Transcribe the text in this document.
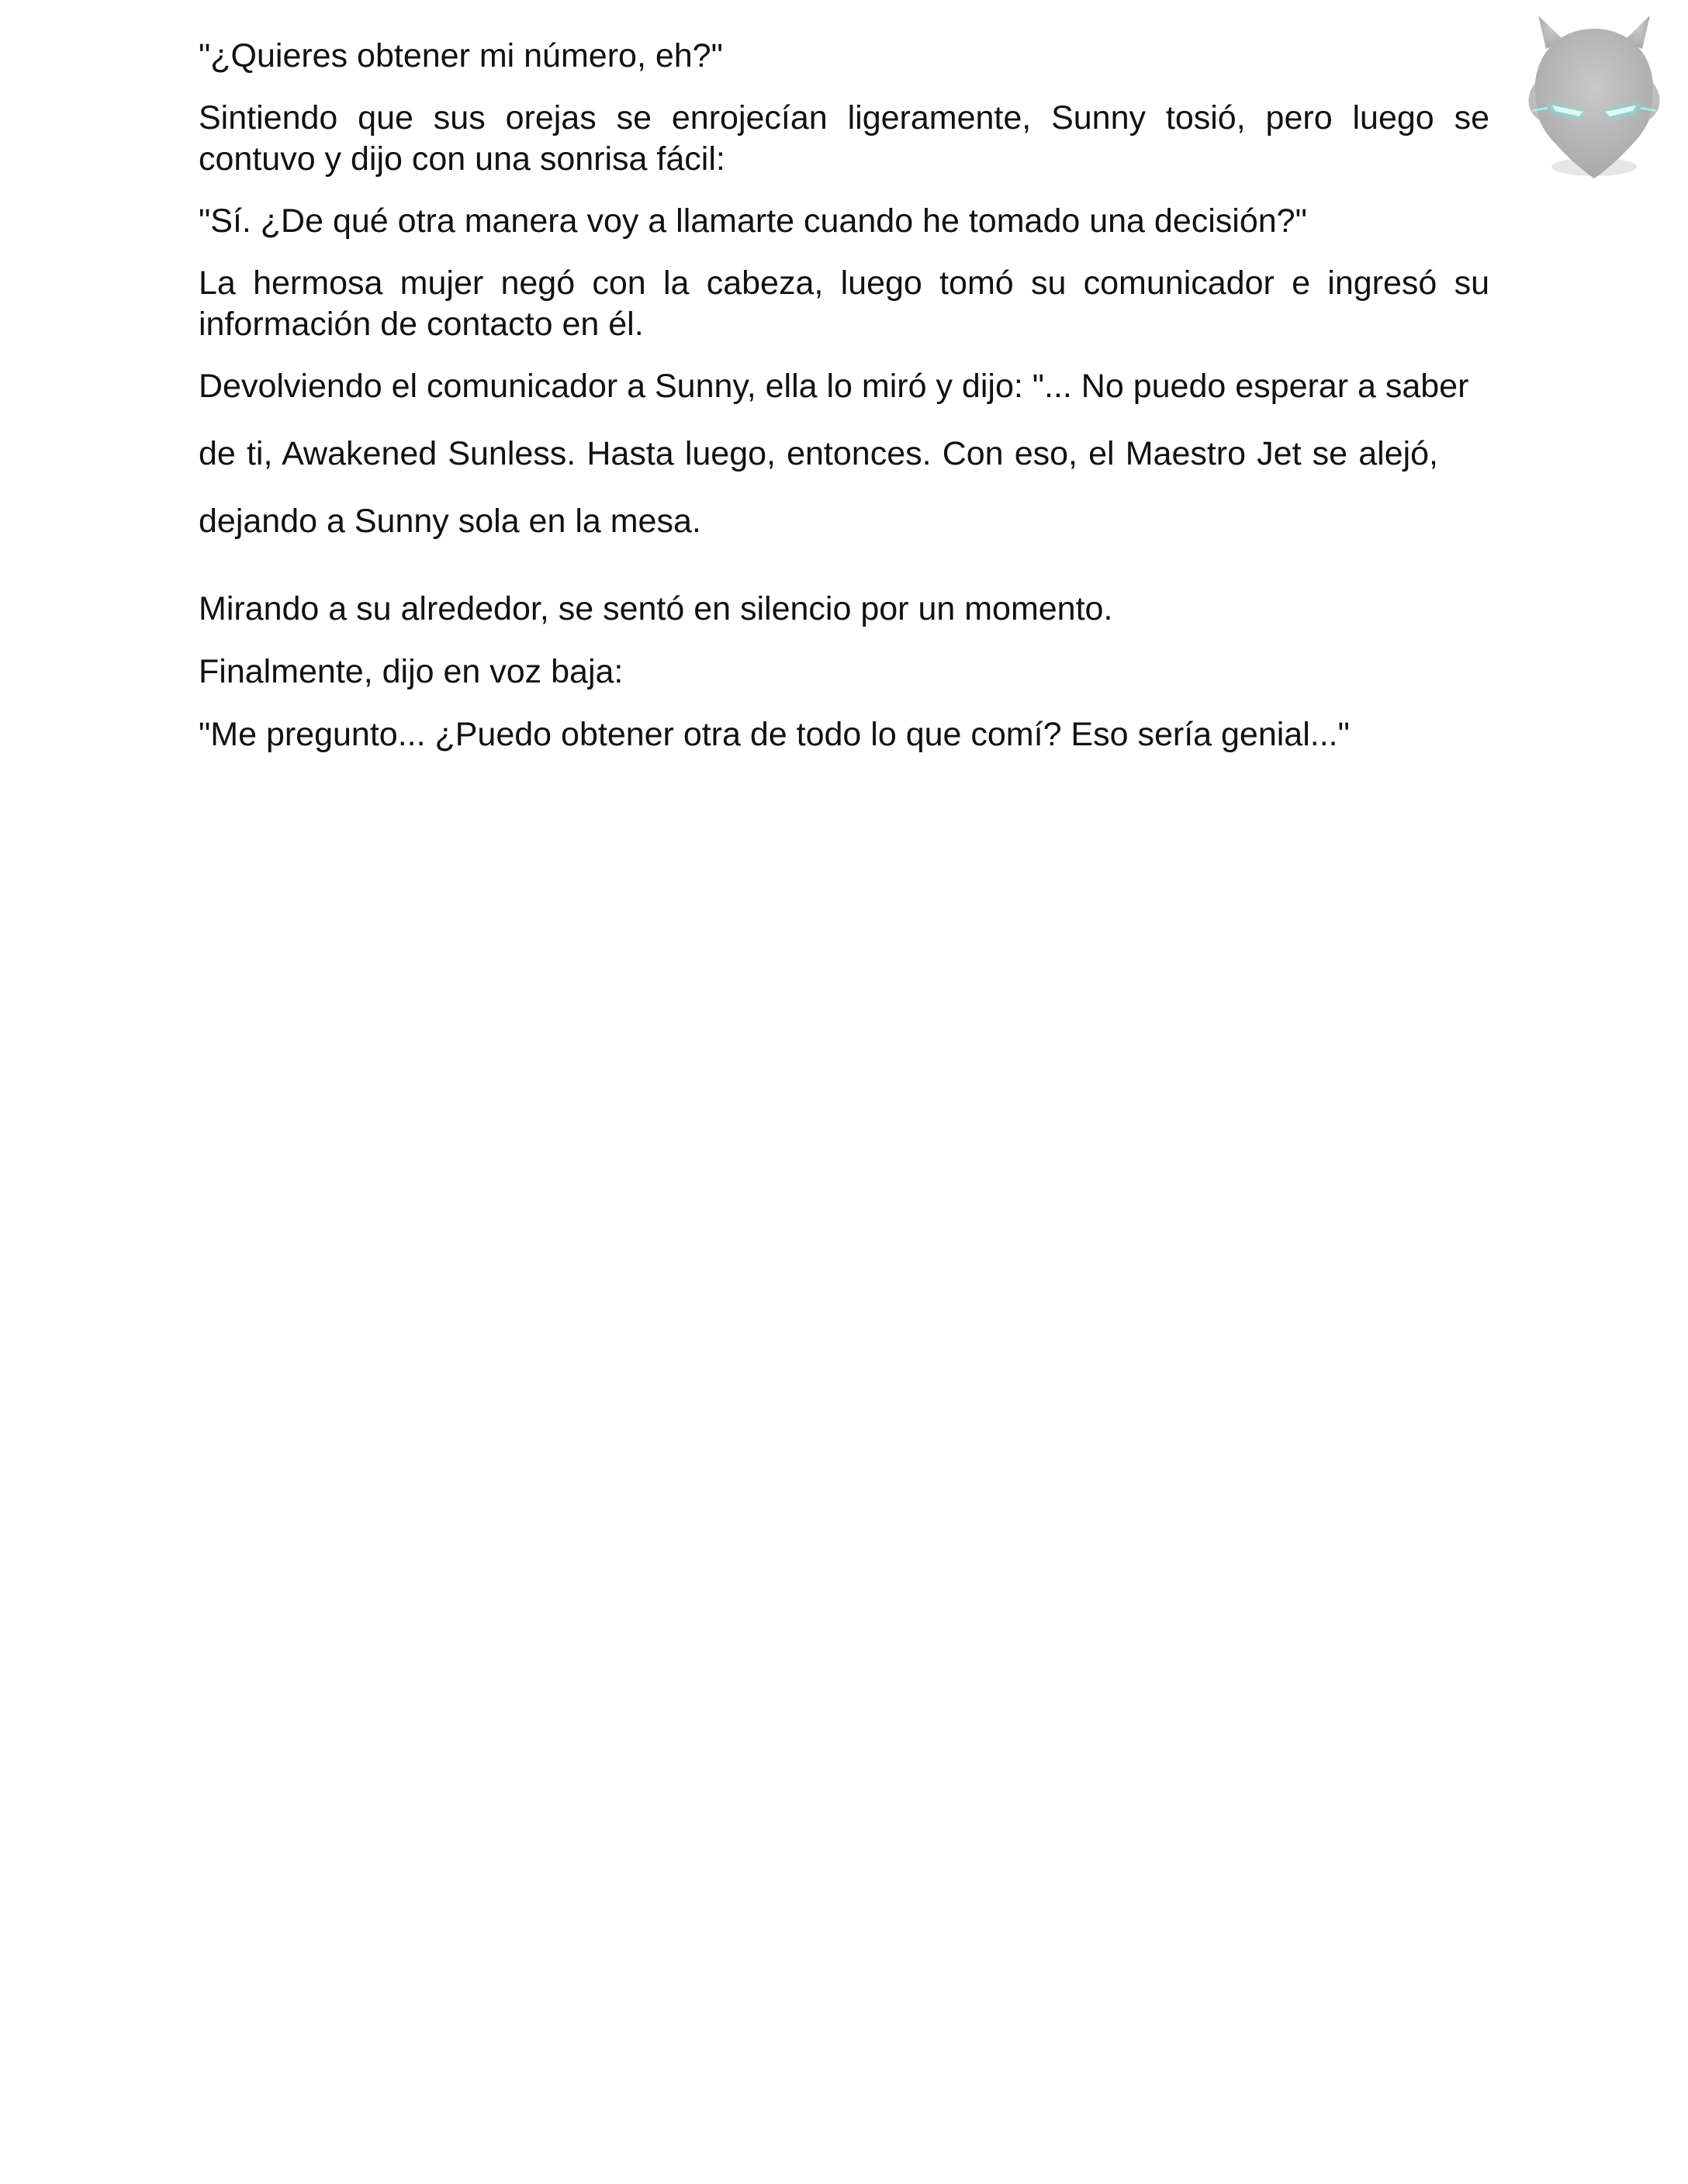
"¿Quieres obtener mi número, eh?"

Sintiendo que sus orejas se enrojecían ligeramente, Sunny tosió, pero luego se contuvo y dijo con una sonrisa fácil:

"Sí. ¿De qué otra manera voy a llamarte cuando he tomado una decisión?"

La hermosa mujer negó con la cabeza, luego tomó su comunicador e ingresó su información de contacto en él.

Devolviendo el comunicador a Sunny, ella lo miró y dijo: "... No puedo esperar a saber

de ti, Awakened Sunless. Hasta luego, entonces. Con eso, el Maestro Jet se alejó,

dejando a Sunny sola en la mesa.

Mirando a su alrededor, se sentó en silencio por un momento.

Finalmente, dijo en voz baja:

"Me pregunto... ¿Puedo obtener otra de todo lo que comí? Eso sería genial..."
